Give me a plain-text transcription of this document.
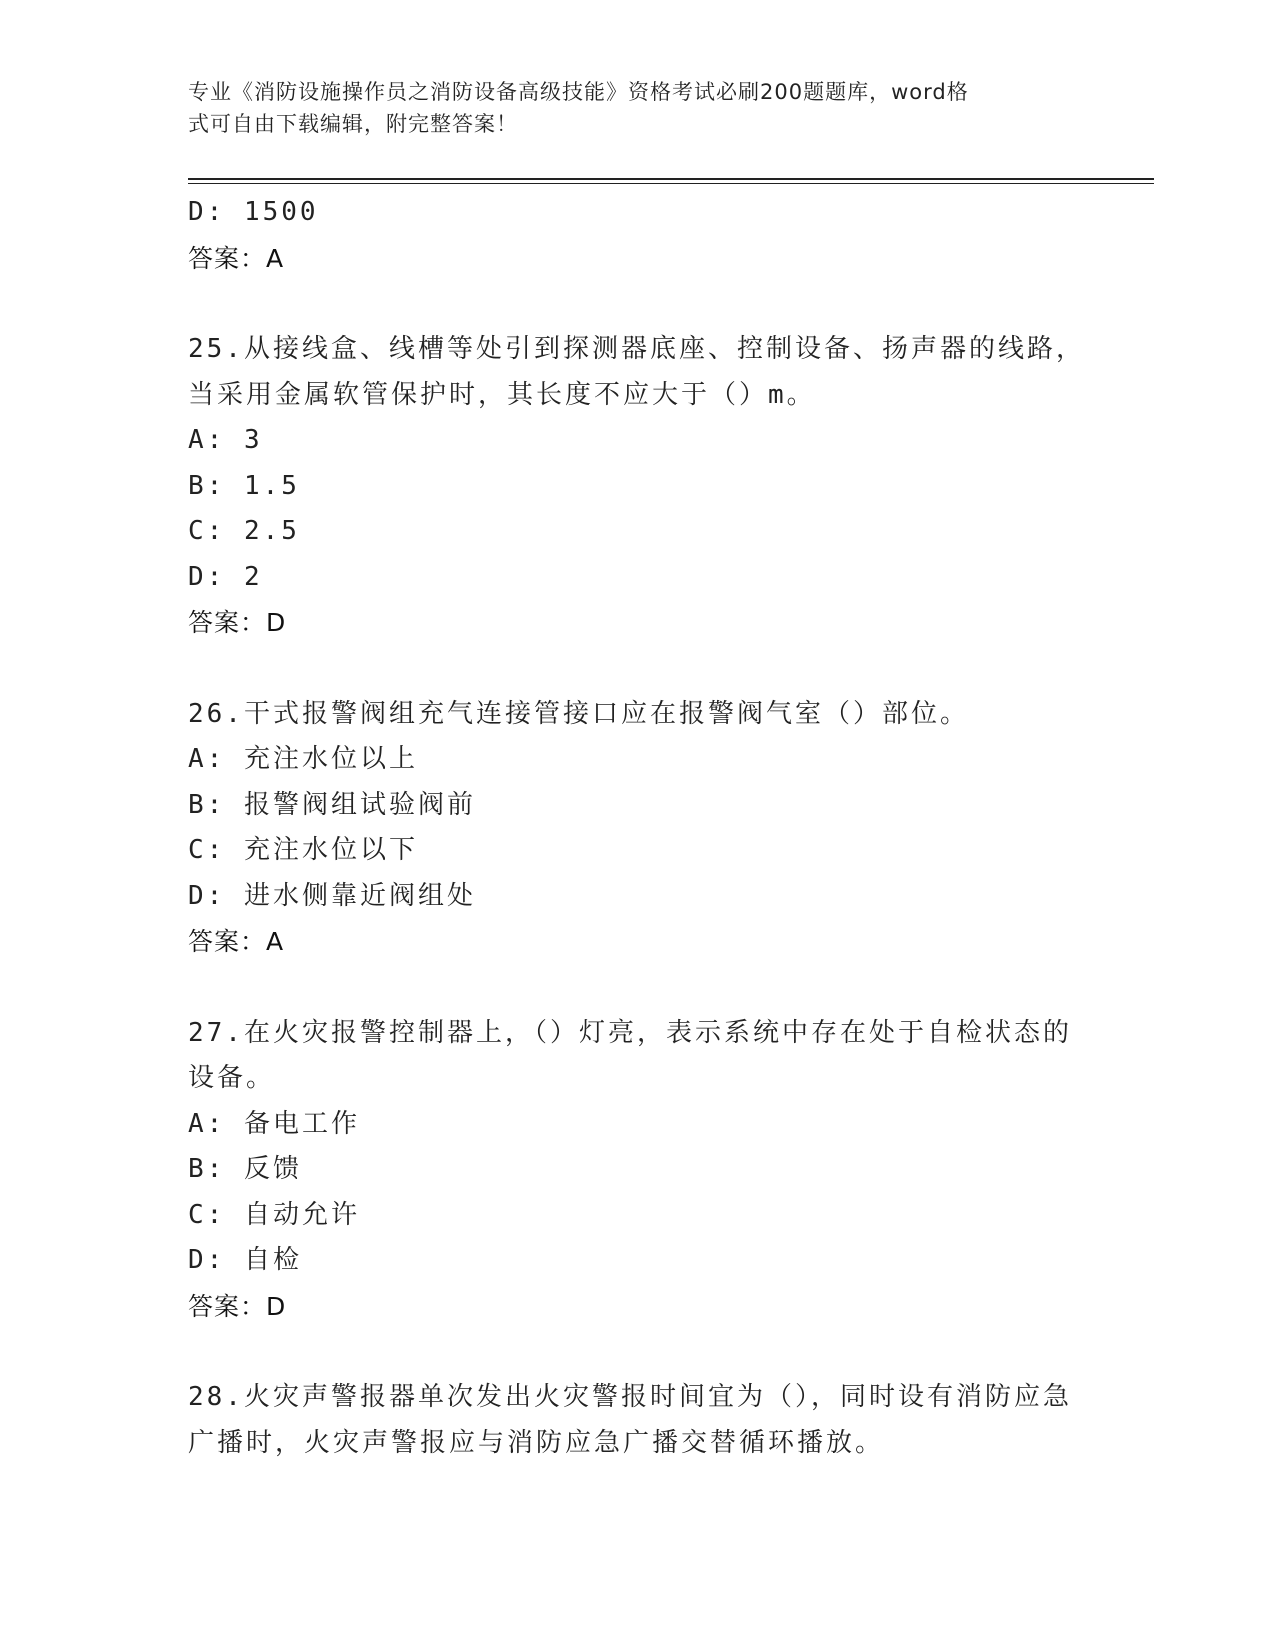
专业《消防设施操作员之消防设备高级技能》资格考试必刷200题题库，word格
式可自由下载编辑，附完整答案！
D: 1500
答案：A
25.从接线盒、线槽等处引到探测器底座、控制设备、扬声器的线路，
当采用金属软管保护时，其长度不应大于（）m。
A: 3
B: 1.5
C: 2.5
D: 2
答案：D
26.干式报警阀组充气连接管接口应在报警阀气室（）部位。
A: 充注水位以上
B: 报警阀组试验阀前
C: 充注水位以下
D: 进水侧靠近阀组处
答案：A
27.在火灾报警控制器上，（）灯亮，表示系统中存在处于自检状态的
设备。
A: 备电工作
B: 反馈
C: 自动允许
D: 自检
答案：D
28.火灾声警报器单次发出火灾警报时间宜为（），同时设有消防应急
广播时，火灾声警报应与消防应急广播交替循环播放。
